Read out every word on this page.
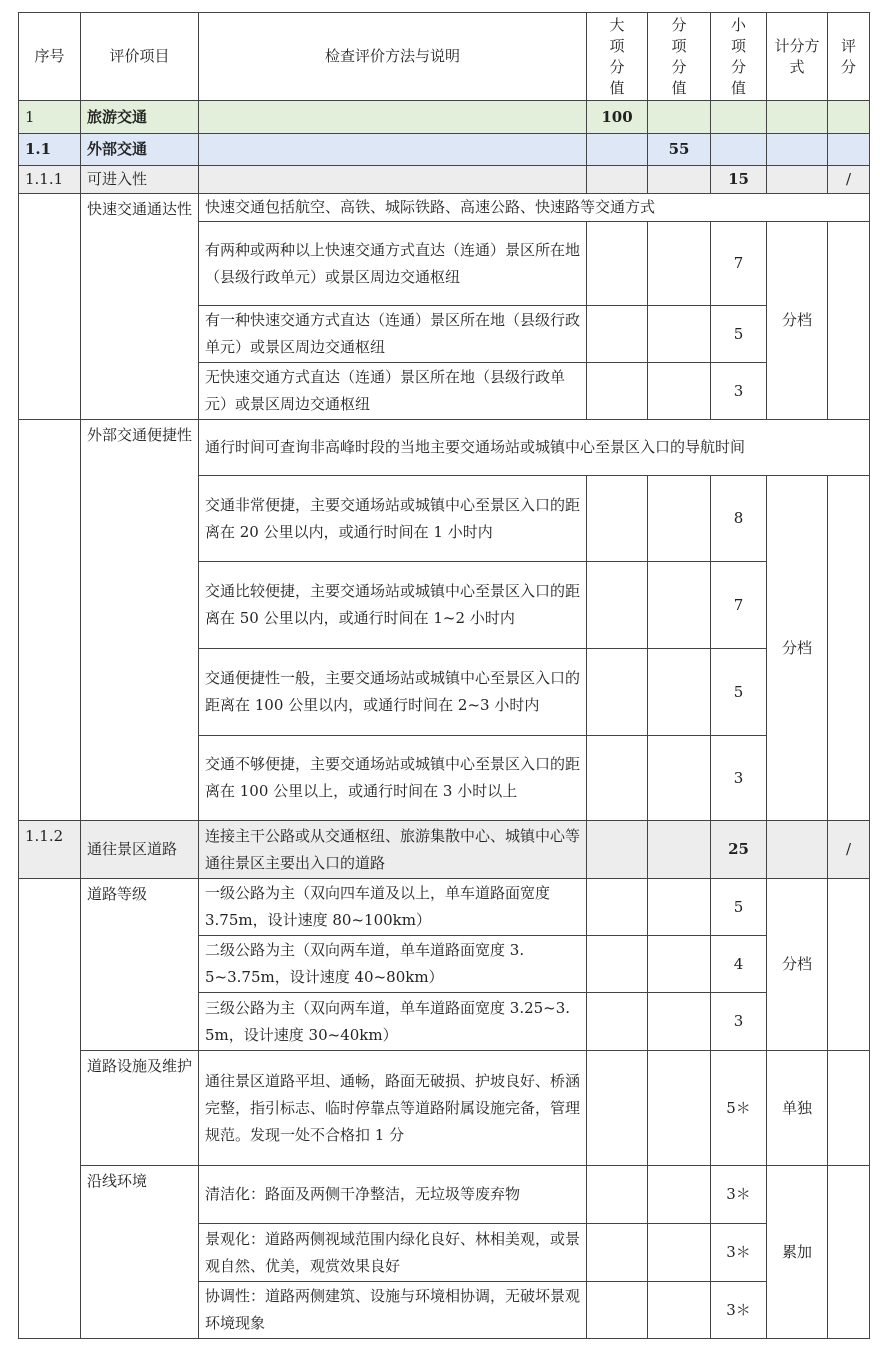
序号	评价项目	检查评价方法与说明	大项分值	分项分值	小项分值	计分方式	评分
1	旅游交通		100				
1.1	外部交通			55			
1.1.1	可进入性				15		/
	快速交通通达性	快速交通包括航空、高铁、城际铁路、高速公路、快速路等交通方式					
		有两种或两种以上快速交通方式直达（连通）景区所在地（县级行政单元）或景区周边交通枢纽			7	分档	
		有一种快速交通方式直达（连通）景区所在地（县级行政单元）或景区周边交通枢纽			5		
		无快速交通方式直达（连通）景区所在地（县级行政单元）或景区周边交通枢纽			3		
	外部交通便捷性	通行时间可查询非高峰时段的当地主要交通场站或城镇中心至景区入口的导航时间					
		交通非常便捷，主要交通场站或城镇中心至景区入口的距离在 20 公里以内，或通行时间在 1 小时内			8	分档	
		交通比较便捷，主要交通场站或城镇中心至景区入口的距离在 50 公里以内，或通行时间在 1~2 小时内			7		
		交通便捷性一般，主要交通场站或城镇中心至景区入口的距离在 100 公里以内，或通行时间在 2~3 小时内			5		
		交通不够便捷，主要交通场站或城镇中心至景区入口的距离在 100 公里以上，或通行时间在 3 小时以上			3		
1.1.2	通往景区道路	连接主干公路或从交通枢纽、旅游集散中心、城镇中心等通往景区主要出入口的道路			25		/
	道路等级	一级公路为主（双向四车道及以上，单车道路面宽度 3.75m，设计速度 80~100km）			5	分档	
		二级公路为主（双向两车道，单车道路面宽度 3. 5~3.75m，设计速度 40~80km）			4		
		三级公路为主（双向两车道，单车道路面宽度 3.25~3. 5m，设计速度 30~40km）			3		
	道路设施及维护	通往景区道路平坦、通畅，路面无破损、护坡良好、桥涵完整，指引标志、临时停靠点等道路附属设施完备，管理规范。发现一处不合格扣 1 分			5＊	单独	
	沿线环境	清洁化：路面及两侧干净整洁，无垃圾等废弃物			3＊	累加	
		景观化：道路两侧视域范围内绿化良好、林相美观，或景观自然、优美，观赏效果良好			3＊		
		协调性：道路两侧建筑、设施与环境相协调，无破坏景观环境现象			3＊		
